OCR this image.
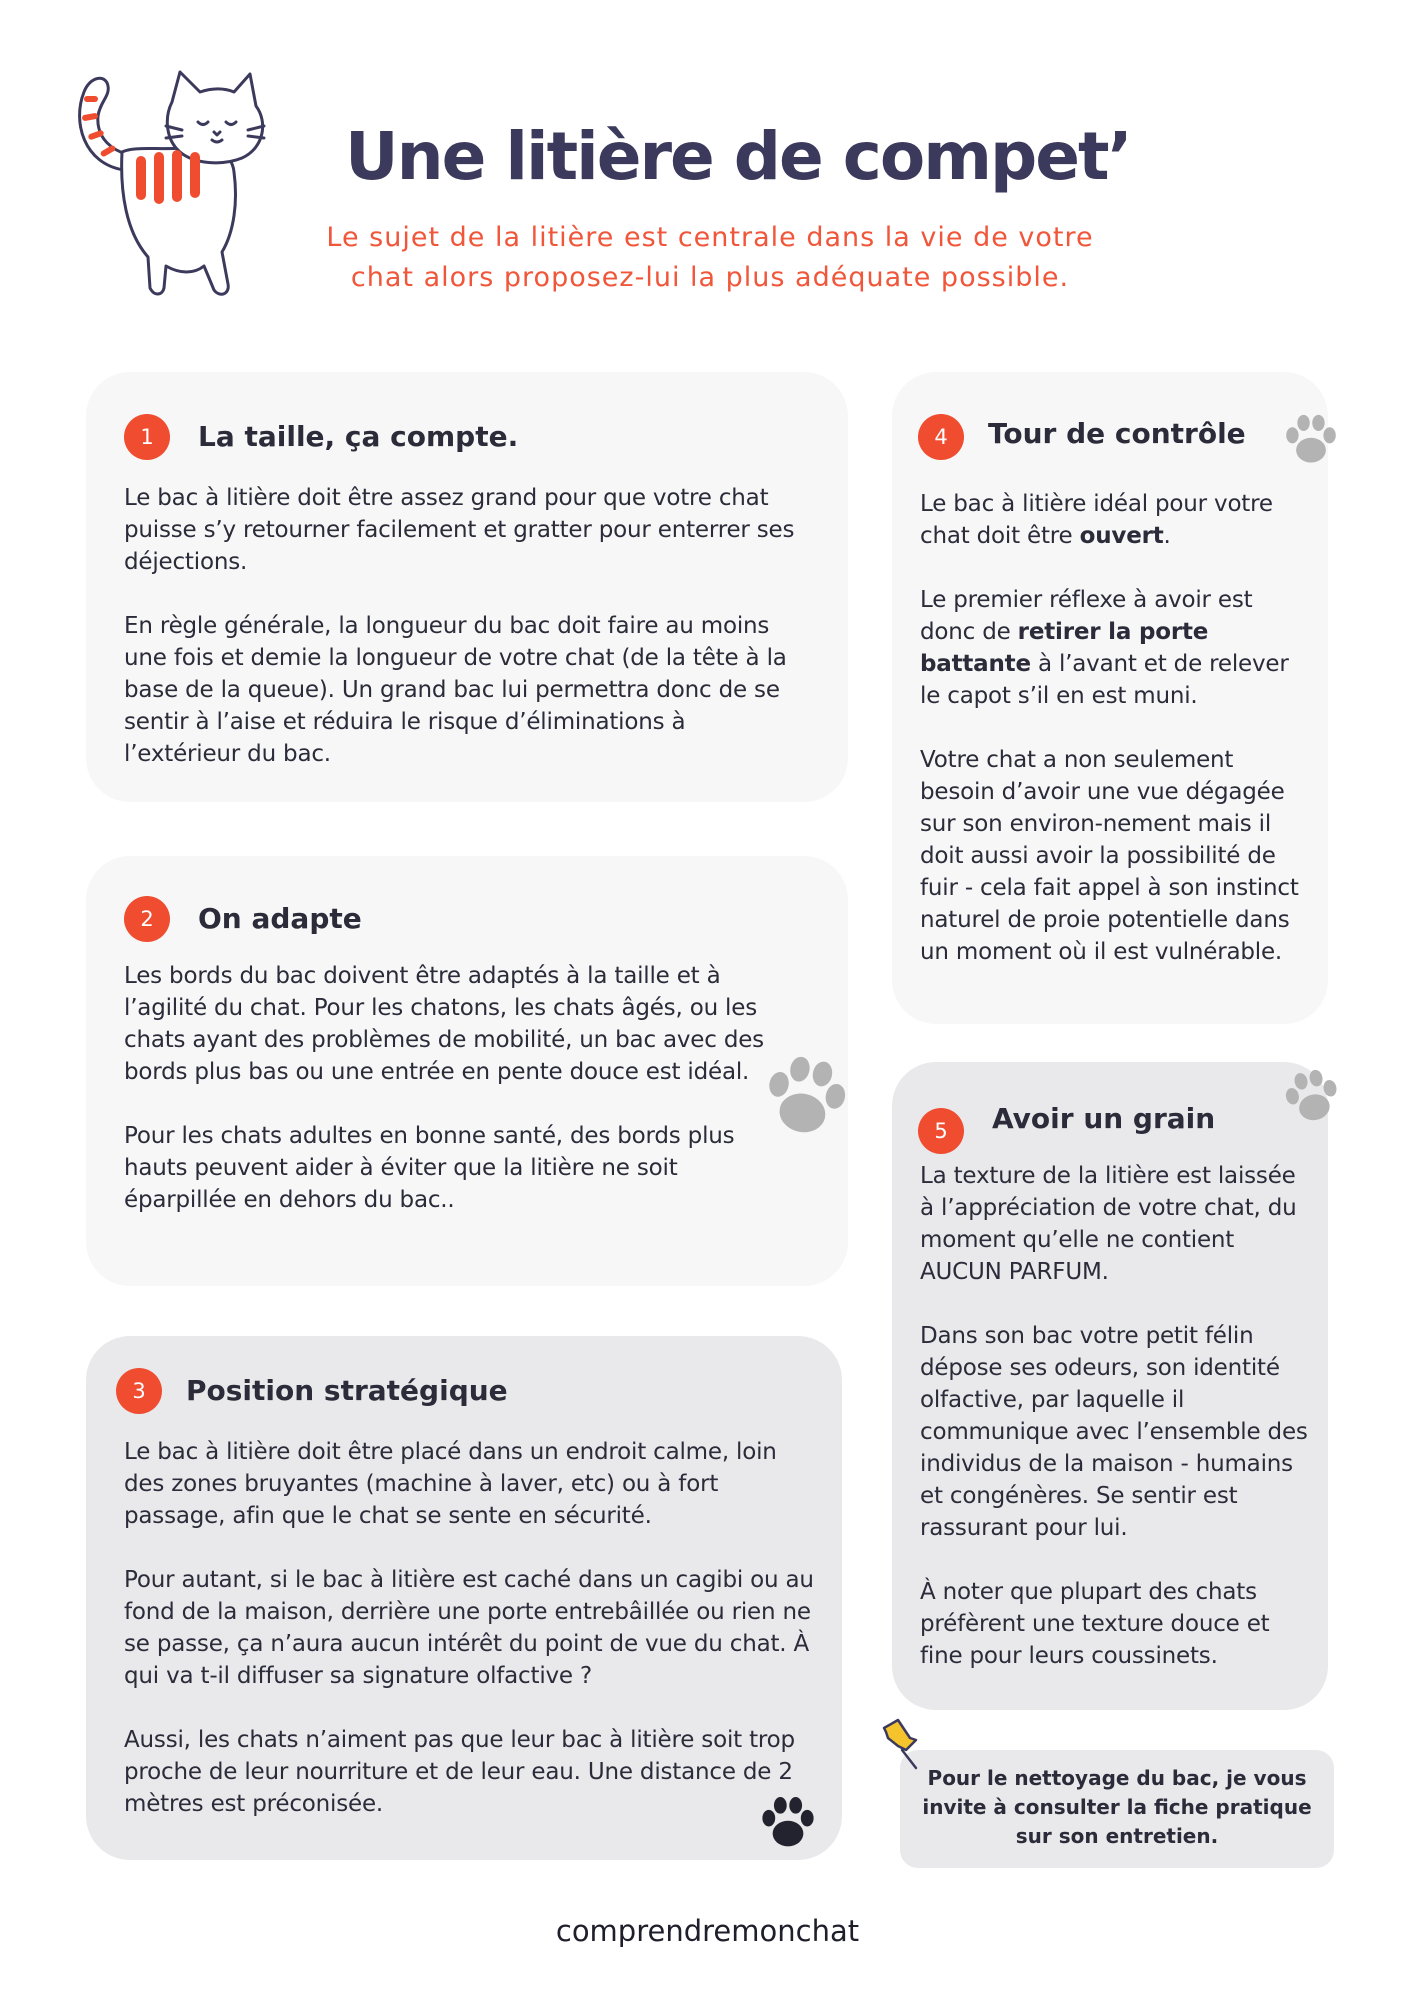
Une litière de compet’
Le sujet de la litière est centrale dans la vie de votre
chat alors proposez-lui la plus adéquate possible.
1	La taille, ça compte.

Le bac à litière doit être assez grand pour que votre chat puisse s’y retourner facilement et gratter pour enterrer ses déjections.

En règle générale, la longueur du bac doit faire au moins une fois et demie la longueur de votre chat (de la tête à la base de la queue). Un grand bac lui permettra donc de se sentir à l’aise et réduira le risque d’éliminations à l’extérieur du bac.

2	On adapte

Les bords du bac doivent être adaptés à la taille et à l’agilité du chat. Pour les chatons, les chats âgés, ou les chats ayant des problèmes de mobilité, un bac avec des bords plus bas ou une entrée en pente douce est idéal.

Pour les chats adultes en bonne santé, des bords plus hauts peuvent aider à éviter que la litière ne soit éparpillée en dehors du bac..

3	Position stratégique

Le bac à litière doit être placé dans un endroit calme, loin des zones bruyantes (machine à laver, etc) ou à fort passage, afin que le chat se sente en sécurité.

Pour autant, si le bac à litière est caché dans un cagibi ou au fond de la maison, derrière une porte entrebâillée ou rien ne se passe, ça n’aura aucun intérêt du point de vue du chat. À qui va t-il diffuser sa signature olfactive ?

Aussi, les chats n’aiment pas que leur bac à litière soit trop proche de leur nourriture et de leur eau. Une distance de 2 mètres est préconisée.

4	Tour de contrôle

Le bac à litière idéal pour votre chat doit être ouvert.

Le premier réflexe à avoir est donc de retirer la porte battante à l’avant et de relever le capot s’il en est muni.

Votre chat a non seulement besoin d’avoir une vue dégagée sur son environ-nement mais il doit aussi avoir la possibilité de fuir - cela fait appel à son instinct naturel de proie potentielle dans un moment où il est vulnérable.

5	Avoir un grain

La texture de la litière est laissée à l’appréciation de votre chat, du moment qu’elle ne contient AUCUN PARFUM.

Dans son bac votre petit félin dépose ses odeurs, son identité olfactive, par laquelle il communique avec l’ensemble des individus de la maison - humains et congénères. Se sentir est rassurant pour lui.

À noter que plupart des chats préfèrent une texture douce et fine pour leurs coussinets.

Pour le nettoyage du bac, je vous invite à consulter la fiche pratique sur son entretien.
comprendremonchat
